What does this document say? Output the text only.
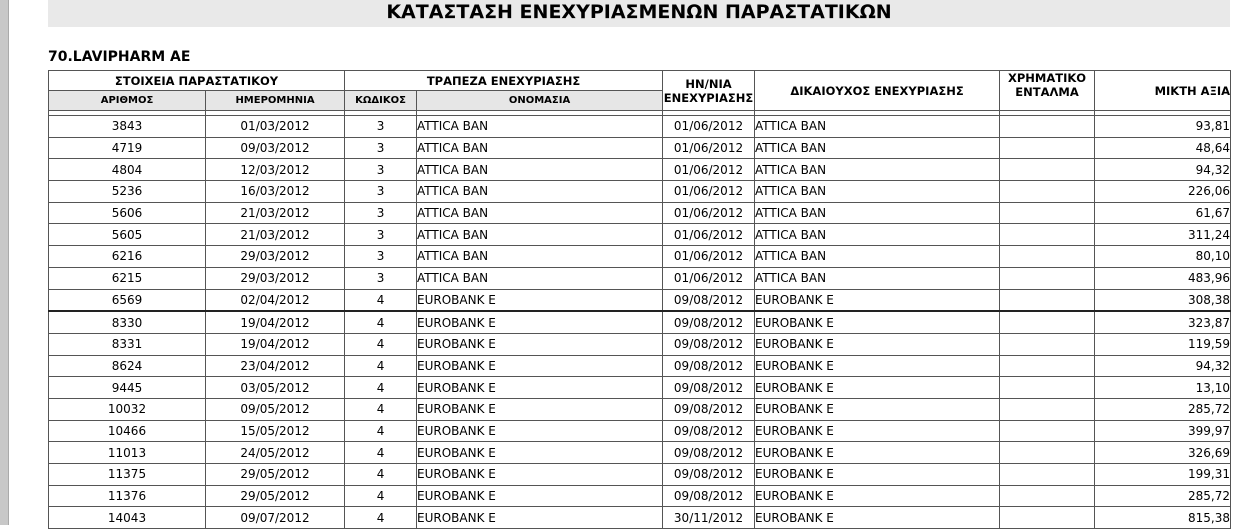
ΚΑΤΑΣΤΑΣΗ ΕΝΕΧΥΡΙΑΣΜΕΝΩΝ ΠΑΡΑΣΤΑΤΙΚΩΝ
70.LAVIPHARM AE
ΣΤΟΙΧΕΙΑ ΠΑΡΑΣΤΑΤΙΚΟΥ		ΤΡΑΠΕΖΑ ΕΝΕΧΥΡΙΑΣΗΣ		ΗΝ/ΝΙΑ
ΕΝΕΧΥΡΙΑΣΗΣ	ΔΙΚΑΙΟΥΧΟΣ ΕΝΕΧΥΡΙΑΣΗΣ	ΧΡΗΜΑΤΙΚΟ
ΕΝΤΑΛΜΑ	ΜΙΚΤΗ ΑΞΙΑ
ΑΡΙΘΜΟΣ	ΗΜΕΡΟΜΗΝΙΑ	ΚΩΔΙΚΟΣ	ΟΝΟΜΑΣΙΑ				

3843	01/03/2012	3	ATTICA BAN	01/06/2012	ATTICA BAN		93,81
4719	09/03/2012	3	ATTICA BAN	01/06/2012	ATTICA BAN		48,64
4804	12/03/2012	3	ATTICA BAN	01/06/2012	ATTICA BAN		94,32
5236	16/03/2012	3	ATTICA BAN	01/06/2012	ATTICA BAN		226,06
5606	21/03/2012	3	ATTICA BAN	01/06/2012	ATTICA BAN		61,67
5605	21/03/2012	3	ATTICA BAN	01/06/2012	ATTICA BAN		311,24
6216	29/03/2012	3	ATTICA BAN	01/06/2012	ATTICA BAN		80,10
6215	29/03/2012	3	ATTICA BAN	01/06/2012	ATTICA BAN		483,96
6569	02/04/2012	4	EUROBANK E	09/08/2012	EUROBANK E		308,38
8330	19/04/2012	4	EUROBANK E	09/08/2012	EUROBANK E		323,87
8331	19/04/2012	4	EUROBANK E	09/08/2012	EUROBANK E		119,59
8624	23/04/2012	4	EUROBANK E	09/08/2012	EUROBANK E		94,32
9445	03/05/2012	4	EUROBANK E	09/08/2012	EUROBANK E		13,10
10032	09/05/2012	4	EUROBANK E	09/08/2012	EUROBANK E		285,72
10466	15/05/2012	4	EUROBANK E	09/08/2012	EUROBANK E		399,97
11013	24/05/2012	4	EUROBANK E	09/08/2012	EUROBANK E		326,69
11375	29/05/2012	4	EUROBANK E	09/08/2012	EUROBANK E		199,31
11376	29/05/2012	4	EUROBANK E	09/08/2012	EUROBANK E		285,72
14043	09/07/2012	4	EUROBANK E	30/11/2012	EUROBANK E		815,38
